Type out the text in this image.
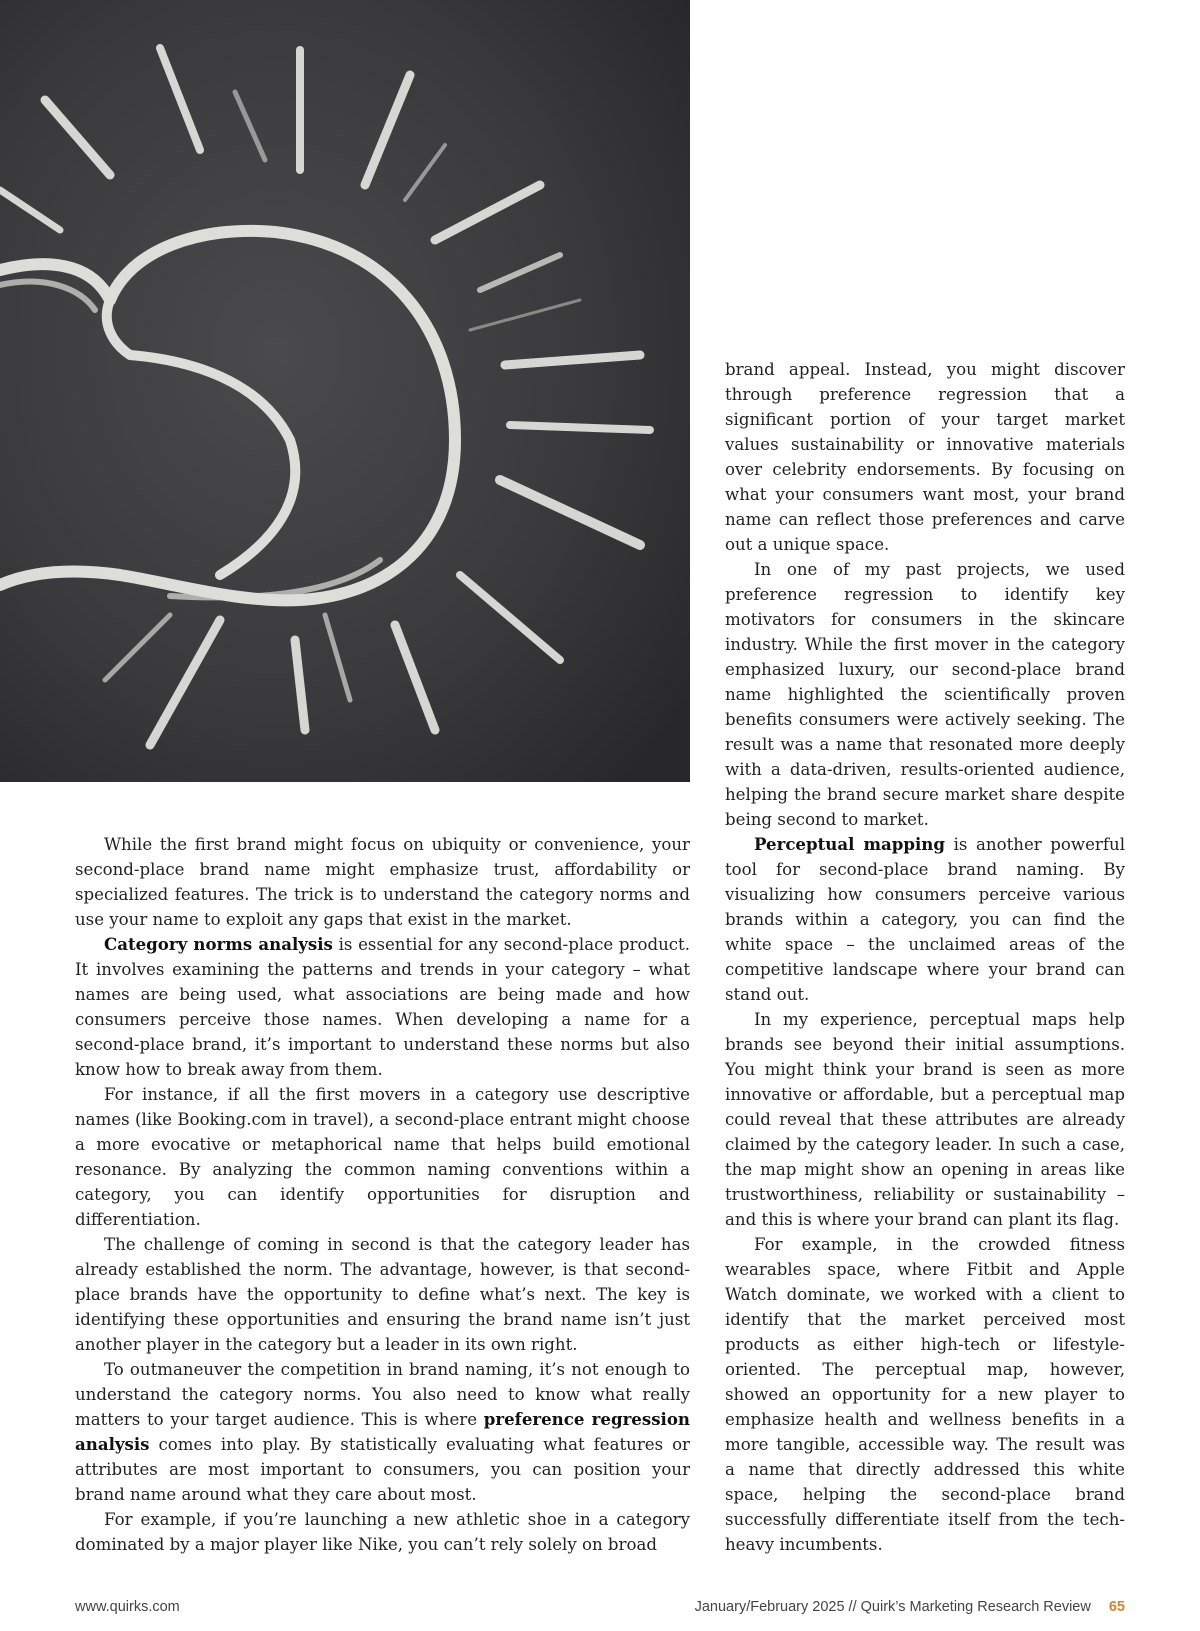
While the first brand might focus on ubiquity or convenience, your second-place brand name might emphasize trust, affordability or specialized features. The trick is to understand the category norms and use your name to exploit any gaps that exist in the market.

Category norms analysis is essential for any second-place product. It involves examining the patterns and trends in your category – what names are being used, what associations are being made and how consumers perceive those names. When developing a name for a second-place brand, it’s important to understand these norms but also know how to break away from them.

For instance, if all the first movers in a category use descriptive names (like Booking.com in travel), a second-place entrant might choose a more evocative or metaphorical name that helps build emotional resonance. By analyzing the common naming conventions within a category, you can identify opportunities for disruption and differentiation.

The challenge of coming in second is that the category leader has already established the norm. The advantage, however, is that second-place brands have the opportunity to define what’s next. The key is identifying these opportunities and ensuring the brand name isn’t just another player in the category but a leader in its own right.

To outmaneuver the competition in brand naming, it’s not enough to understand the category norms. You also need to know what really matters to your target audience. This is where preference regression analysis comes into play. By statistically evaluating what features or attributes are most important to consumers, you can position your brand name around what they care about most.

For example, if you’re launching a new athletic shoe in a category dominated by a major player like Nike, you can’t rely solely on broad

brand appeal. Instead, you might discover through preference regression that a significant portion of your target market values sustainability or innovative materials over celebrity endorsements. By focusing on what your consumers want most, your brand name can reflect those preferences and carve out a unique space.

In one of my past projects, we used preference regression to identify key motivators for consumers in the skincare industry. While the first mover in the category emphasized luxury, our second-place brand name highlighted the scientifically proven benefits consumers were actively seeking. The result was a name that resonated more deeply with a data-driven, results-oriented audience, helping the brand secure market share despite being second to market.

Perceptual mapping is another powerful tool for second-place brand naming. By visualizing how consumers perceive various brands within a category, you can find the white space – the unclaimed areas of the competitive landscape where your brand can stand out.

In my experience, perceptual maps help brands see beyond their initial assumptions. You might think your brand is seen as more innovative or affordable, but a perceptual map could reveal that these attributes are already claimed by the category leader. In such a case, the map might show an opening in areas like trustworthiness, reliability or sustainability – and this is where your brand can plant its flag.

For example, in the crowded fitness wearables space, where Fitbit and Apple Watch dominate, we worked with a client to identify that the market perceived most products as either high-tech or lifestyle-oriented. The perceptual map, however, showed an opportunity for a new player to emphasize health and wellness benefits in a more tangible, accessible way. The result was a name that directly addressed this white space, helping the second-place brand successfully differentiate itself from the tech-heavy incumbents.

www.quirks.com	January/February 2025 // Quirk’s Marketing Research Review 65
